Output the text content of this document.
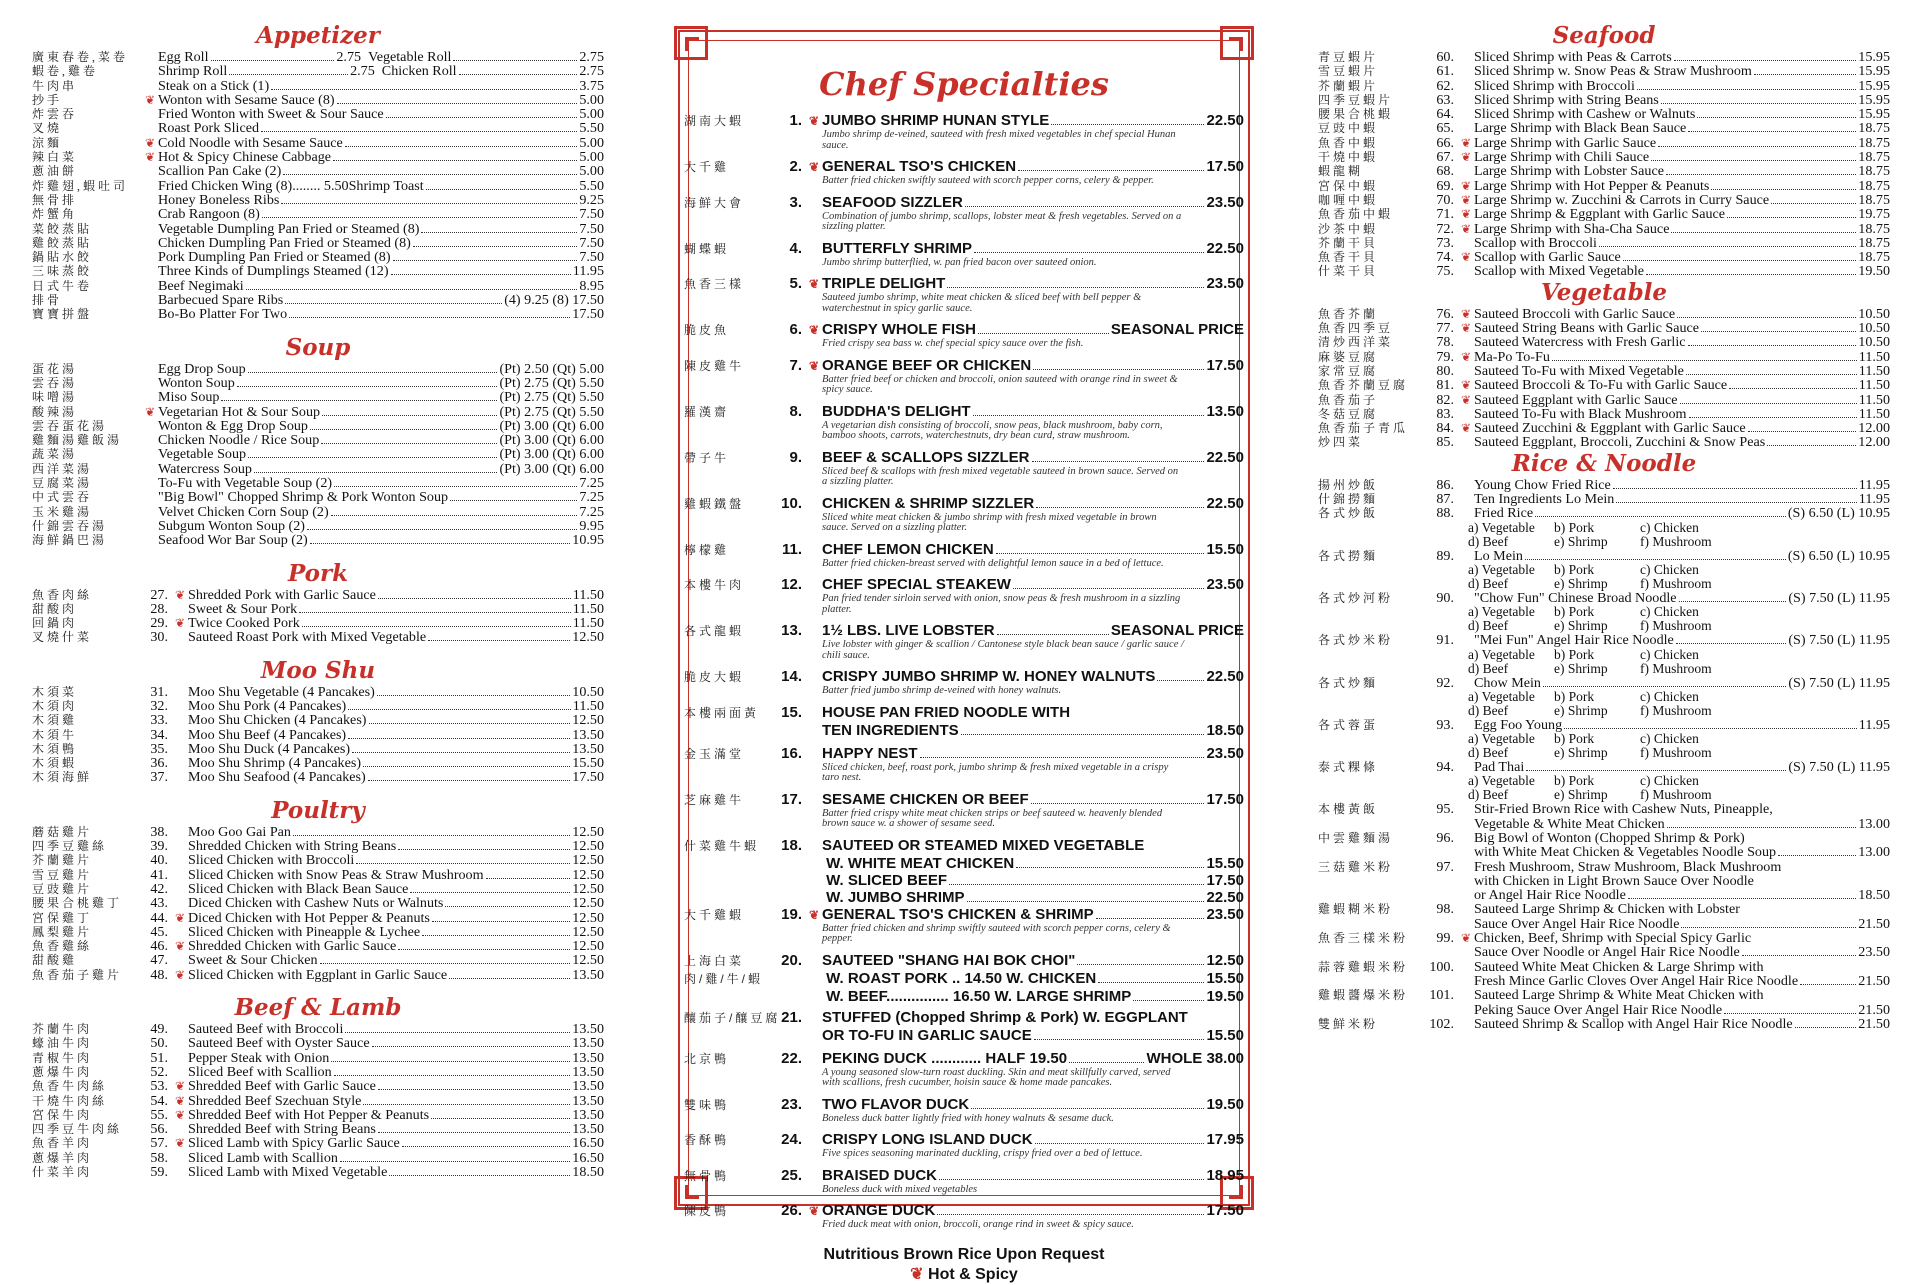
Appetizer
廣東春卷,菜卷	Egg Roll	2.75 Vegetable Roll	2.75
蝦卷,雞卷	Shrimp Roll	2.75 Chicken Roll	2.75
牛肉串	Steak on a Stick (1)	3.75
抄手	❦ Wonton with Sesame Sauce (8)	5.00
炸雲吞	Fried Wonton with Sweet & Sour Sauce	5.00
叉燒	Roast Pork Sliced	5.50
涼麵	❦ Cold Noodle with Sesame Sauce	5.00
辣白菜	❦ Hot & Spicy Chinese Cabbage	5.00
蔥油餅	Scallion Pan Cake (2)	5.00
炸雞翅,蝦吐司	Fried Chicken Wing (8)........ 5.50 Shrimp Toast	5.50
無骨排	Honey Boneless Ribs	9.25
炸蟹角	Crab Rangoon (8)	7.50
菜餃蒸貼	Vegetable Dumpling Pan Fried or Steamed (8)	7.50
雞餃蒸貼	Chicken Dumpling Pan Fried or Steamed (8)	7.50
鍋貼水餃	Pork Dumpling Pan Fried or Steamed (8)	7.50
三味蒸餃	Three Kinds of Dumplings Steamed (12)	11.95
日式牛卷	Beef Negimaki	8.95
排骨	Barbecued Spare Ribs	(4) 9.25 (8) 17.50
寶寶拼盤	Bo-Bo Platter For Two	17.50
Soup
蛋花湯	Egg Drop Soup	(Pt) 2.50 (Qt) 5.00
雲吞湯	Wonton Soup	(Pt) 2.75 (Qt) 5.50
味噌湯	Miso Soup	(Pt) 2.75 (Qt) 5.50
酸辣湯	❦ Vegetarian Hot & Sour Soup	(Pt) 2.75 (Qt) 5.50
雲吞蛋花湯	Wonton & Egg Drop Soup	(Pt) 3.00 (Qt) 6.00
雞麵湯雞飯湯	Chicken Noodle / Rice Soup	(Pt) 3.00 (Qt) 6.00
蔬菜湯	Vegetable Soup	(Pt) 3.00 (Qt) 6.00
西洋菜湯	Watercress Soup	(Pt) 3.00 (Qt) 6.00
豆腐菜湯	To-Fu with Vegetable Soup (2)	7.25
中式雲吞	"Big Bowl" Chopped Shrimp & Pork Wonton Soup	7.25
玉米雞湯	Velvet Chicken Corn Soup (2)	7.25
什錦雲吞湯	Subgum Wonton Soup (2)	9.95
海鮮鍋巴湯	Seafood Wor Bar Soup (2)	10.95
Pork
魚香肉絲	27. ❦ Shredded Pork with Garlic Sauce	11.50
甜酸肉	28. Sweet & Sour Pork	11.50
回鍋肉	29. ❦ Twice Cooked Pork	11.50
叉燒什菜	30. Sauteed Roast Pork with Mixed Vegetable	12.50
Moo Shu
木須菜	31. Moo Shu Vegetable (4 Pancakes)	10.50
木須肉	32. Moo Shu Pork (4 Pancakes)	11.50
木須雞	33. Moo Shu Chicken (4 Pancakes)	12.50
木須牛	34. Moo Shu Beef (4 Pancakes)	13.50
木須鴨	35. Moo Shu Duck (4 Pancakes)	13.50
木須蝦	36. Moo Shu Shrimp (4 Pancakes)	15.50
木須海鮮	37. Moo Shu Seafood (4 Pancakes)	17.50
Poultry
蘑菇雞片	38. Moo Goo Gai Pan	12.50
四季豆雞絲	39. Shredded Chicken with String Beans	12.50
芥蘭雞片	40. Sliced Chicken with Broccoli	12.50
雪豆雞片	41. Sliced Chicken with Snow Peas & Straw Mushroom	12.50
豆豉雞片	42. Sliced Chicken with Black Bean Sauce	12.50
腰果合桃雞丁	43. Diced Chicken with Cashew Nuts or Walnuts	12.50
宮保雞丁	44. ❦ Diced Chicken with Hot Pepper & Peanuts	12.50
鳳梨雞片	45. Sliced Chicken with Pineapple & Lychee	12.50
魚香雞絲	46. ❦ Shredded Chicken with Garlic Sauce	12.50
甜酸雞	47. Sweet & Sour Chicken	12.50
魚香茄子雞片	48. ❦ Sliced Chicken with Eggplant in Garlic Sauce	13.50
Beef & Lamb
芥蘭牛肉	49. Sauteed Beef with Broccoli	13.50
蠔油牛肉	50. Sauteed Beef with Oyster Sauce	13.50
青椒牛肉	51. Pepper Steak with Onion	13.50
蔥爆牛肉	52. Sliced Beef with Scallion	13.50
魚香牛肉絲	53. ❦ Shredded Beef with Garlic Sauce	13.50
干燒牛肉絲	54. ❦ Shredded Beef Szechuan Style	13.50
宮保牛肉	55. ❦ Shredded Beef with Hot Pepper & Peanuts	13.50
四季豆牛肉絲	56. Shredded Beef with String Beans	13.50
魚香羊肉	57. ❦ Sliced Lamb with Spicy Garlic Sauce	16.50
蔥爆羊肉	58. Sliced Lamb with Scallion	16.50
什菜羊肉	59. Sliced Lamb with Mixed Vegetable	18.50
Chef Specialties
湖南大蝦	1. ❦ JUMBO SHRIMP HUNAN STYLE	22.50
Jumbo shrimp de-veined, sauteed with fresh mixed vegetables in chef special Hunan sauce.
大千雞	2. ❦ GENERAL TSO'S CHICKEN	17.50
Batter fried chicken swiftly sauteed with scorch pepper corns, celery & pepper.
海鮮大會	3. SEAFOOD SIZZLER	23.50
Combination of jumbo shrimp, scallops, lobster meat & fresh vegetables. Served on a sizzling platter.
蝴蝶蝦	4. BUTTERFLY SHRIMP	22.50
Jumbo shrimp butterflied, w. pan fried bacon over sauteed onion.
魚香三樣	5. ❦ TRIPLE DELIGHT	23.50
Sauteed jumbo shrimp, white meat chicken & sliced beef with bell pepper & waterchestnut in spicy garlic sauce.
脆皮魚	6. ❦ CRISPY WHOLE FISH	SEASONAL PRICE
Fried crispy sea bass w. chef special spicy sauce over the fish.
陳皮雞牛	7. ❦ ORANGE BEEF OR CHICKEN	17.50
Batter fried beef or chicken and broccoli, onion sauteed with orange rind in sweet & spicy sauce.
羅漢齋	8. BUDDHA'S DELIGHT	13.50
A vegetarian dish consisting of broccoli, snow peas, black mushroom, baby corn, bamboo shoots, carrots, waterchestnuts, dry bean curd, straw mushroom.
帶子牛	9. BEEF & SCALLOPS SIZZLER	22.50
Sliced beef & scallops with fresh mixed vegetable sauteed in brown sauce. Served on a sizzling platter.
雞蝦鐵盤	10. CHICKEN & SHRIMP SIZZLER	22.50
Sliced white meat chicken & jumbo shrimp with fresh mixed vegetable in brown sauce. Served on a sizzling platter.
檸檬雞	11. CHEF LEMON CHICKEN	15.50
Batter fried chicken-breast served with delightful lemon sauce in a bed of lettuce.
本樓牛肉	12. CHEF SPECIAL STEAKEW	23.50
Pan fried tender sirloin served with onion, snow peas & fresh mushroom in a sizzling platter.
各式龍蝦	13. 1½ LBS. LIVE LOBSTER	SEASONAL PRICE
Live lobster with ginger & scallion / Cantonese style black bean sauce / garlic sauce / chili sauce.
脆皮大蝦	14. CRISPY JUMBO SHRIMP W. HONEY WALNUTS	22.50
Batter fried jumbo shrimp de-veined with honey walnuts.
本樓兩面黃	15. HOUSE PAN FRIED NOODLE WITH
TEN INGREDIENTS	18.50
金玉滿堂	16. HAPPY NEST	23.50
Sliced chicken, beef, roast pork, jumbo shrimp & fresh mixed vegetable in a crispy taro nest.
芝麻雞牛	17. SESAME CHICKEN OR BEEF	17.50
Batter fried crispy white meat chicken strips or beef sauteed w. heavenly blended brown sauce w. a shower of sesame seed.
什菜雞牛蝦	18. SAUTEED OR STEAMED MIXED VEGETABLE
W. WHITE MEAT CHICKEN	15.50
W. SLICED BEEF	17.50
W. JUMBO SHRIMP	22.50
大千雞蝦	19. ❦ GENERAL TSO'S CHICKEN & SHRIMP	23.50
Batter fried chicken and shrimp swiftly sauteed with scorch pepper corns, celery & pepper.
上海白菜	20. SAUTEED "SHANG HAI BOK CHOI"	12.50
肉/雞/牛/蝦	W. ROAST PORK .. 14.50 W. CHICKEN	15.50
W. BEEF............... 16.50 W. LARGE SHRIMP	19.50
釀茄子/釀豆腐 21. STUFFED (Chopped Shrimp & Pork) W. EGGPLANT
OR TO-FU IN GARLIC SAUCE	15.50
北京鴨	22. PEKING DUCK ............ HALF 19.50	WHOLE 38.00
A young seasoned slow-turn roast duckling. Skin and meat skillfully carved, served with scallions, fresh cucumber, hoisin sauce & home made pancakes.
雙味鴨	23. TWO FLAVOR DUCK	19.50
Boneless duck batter lightly fried with honey walnuts & sesame duck.
香酥鴨	24. CRISPY LONG ISLAND DUCK	17.95
Five spices seasoning marinated duckling, crispy fried over a bed of lettuce.
無骨鴨	25. BRAISED DUCK	18.95
Boneless duck with mixed vegetables
陳皮鴨	26. ❦ ORANGE DUCK	17.50
Fried duck meat with onion, broccoli, orange rind in sweet & spicy sauce.
Nutritious Brown Rice Upon Request
❦ Hot & Spicy
Seafood
青豆蝦片	60. Sliced Shrimp with Peas & Carrots	15.95
雪豆蝦片	61. Sliced Shrimp w. Snow Peas & Straw Mushroom	15.95
芥蘭蝦片	62. Sliced Shrimp with Broccoli	15.95
四季豆蝦片	63. Sliced Shrimp with String Beans	15.95
腰果合桃蝦	64. Sliced Shrimp with Cashew or Walnuts	15.95
豆豉中蝦	65. Large Shrimp with Black Bean Sauce	18.75
魚香中蝦	66. ❦ Large Shrimp with Garlic Sauce	18.75
干燒中蝦	67. ❦ Large Shrimp with Chili Sauce	18.75
蝦龍糊	68. Large Shrimp with Lobster Sauce	18.75
宮保中蝦	69. ❦ Large Shrimp with Hot Pepper & Peanuts	18.75
咖喱中蝦	70. ❦ Large Shrimp w. Zucchini & Carrots in Curry Sauce	18.75
魚香茄中蝦	71. ❦ Large Shrimp & Eggplant with Garlic Sauce	19.75
沙茶中蝦	72. ❦ Large Shrimp with Sha-Cha Sauce	18.75
芥蘭干貝	73. Scallop with Broccoli	18.75
魚香干貝	74. ❦ Scallop with Garlic Sauce	18.75
什菜干貝	75. Scallop with Mixed Vegetable	19.50
Vegetable
魚香芥蘭	76. ❦ Sauteed Broccoli with Garlic Sauce	10.50
魚香四季豆	77. ❦ Sauteed String Beans with Garlic Sauce	10.50
清炒西洋菜	78. Sauteed Watercress with Fresh Garlic	10.50
麻婆豆腐	79. ❦ Ma-Po To-Fu	11.50
家常豆腐	80. Sauteed To-Fu with Mixed Vegetable	11.50
魚香芥蘭豆腐	81. ❦ Sauteed Broccoli & To-Fu with Garlic Sauce	11.50
魚香茄子	82. ❦ Sauteed Eggplant with Garlic Sauce	11.50
冬菇豆腐	83. Sauteed To-Fu with Black Mushroom	11.50
魚香茄子青瓜	84. ❦ Sauteed Zucchini & Eggplant with Garlic Sauce	12.00
炒四菜	85. Sauteed Eggplant, Broccoli, Zucchini & Snow Peas	12.00
Rice & Noodle
揚州炒飯	86. Young Chow Fried Rice	11.95
什錦撈麵	87. Ten Ingredients Lo Mein	11.95
各式炒飯	88. Fried Rice	(S) 6.50 (L) 10.95
a) Vegetable	b) Pork	c) Chicken
d) Beef	e) Shrimp	f) Mushroom
各式撈麵	89. Lo Mein	(S) 6.50 (L) 10.95
a) Vegetable	b) Pork	c) Chicken
d) Beef	e) Shrimp	f) Mushroom
各式炒河粉	90. "Chow Fun" Chinese Broad Noodle	(S) 7.50 (L) 11.95
a) Vegetable	b) Pork	c) Chicken
d) Beef	e) Shrimp	f) Mushroom
各式炒米粉	91. "Mei Fun" Angel Hair Rice Noodle	(S) 7.50 (L) 11.95
a) Vegetable	b) Pork	c) Chicken
d) Beef	e) Shrimp	f) Mushroom
各式炒麵	92. Chow Mein	(S) 7.50 (L) 11.95
a) Vegetable	b) Pork	c) Chicken
d) Beef	e) Shrimp	f) Mushroom
各式蓉蛋	93. Egg Foo Young	11.95
a) Vegetable	b) Pork	c) Chicken
d) Beef	e) Shrimp	f) Mushroom
泰式粿條	94. Pad Thai	(S) 7.50 (L) 11.95
a) Vegetable	b) Pork	c) Chicken
d) Beef	e) Shrimp	f) Mushroom
本樓黃飯	95. Stir-Fried Brown Rice with Cashew Nuts, Pineapple,
Vegetable & White Meat Chicken	13.00
中雲雞麵湯	96. Big Bowl of Wonton (Chopped Shrimp & Pork)
with White Meat Chicken & Vegetables Noodle Soup	13.00
三菇雞米粉	97. Fresh Mushroom, Straw Mushroom, Black Mushroom
with Chicken in Light Brown Sauce Over Noodle
or Angel Hair Rice Noodle	18.50
雞蝦糊米粉	98. Sauteed Large Shrimp & Chicken with Lobster
Sauce Over Angel Hair Rice Noodle	21.50
魚香三樣米粉	99. ❦ Chicken, Beef, Shrimp with Special Spicy Garlic
Sauce Over Noodle or Angel Hair Rice Noodle	23.50
蒜蓉雞蝦米粉	100. Sauteed White Meat Chicken & Large Shrimp with
Fresh Mince Garlic Cloves Over Angel Hair Rice Noodle	21.50
雞蝦醬爆米粉	101. Sauteed Large Shrimp & White Meat Chicken with
Peking Sauce Over Angel Hair Rice Noodle	21.50
雙鮮米粉	102. Sauteed Shrimp & Scallop with Angel Hair Rice Noodle	21.50
